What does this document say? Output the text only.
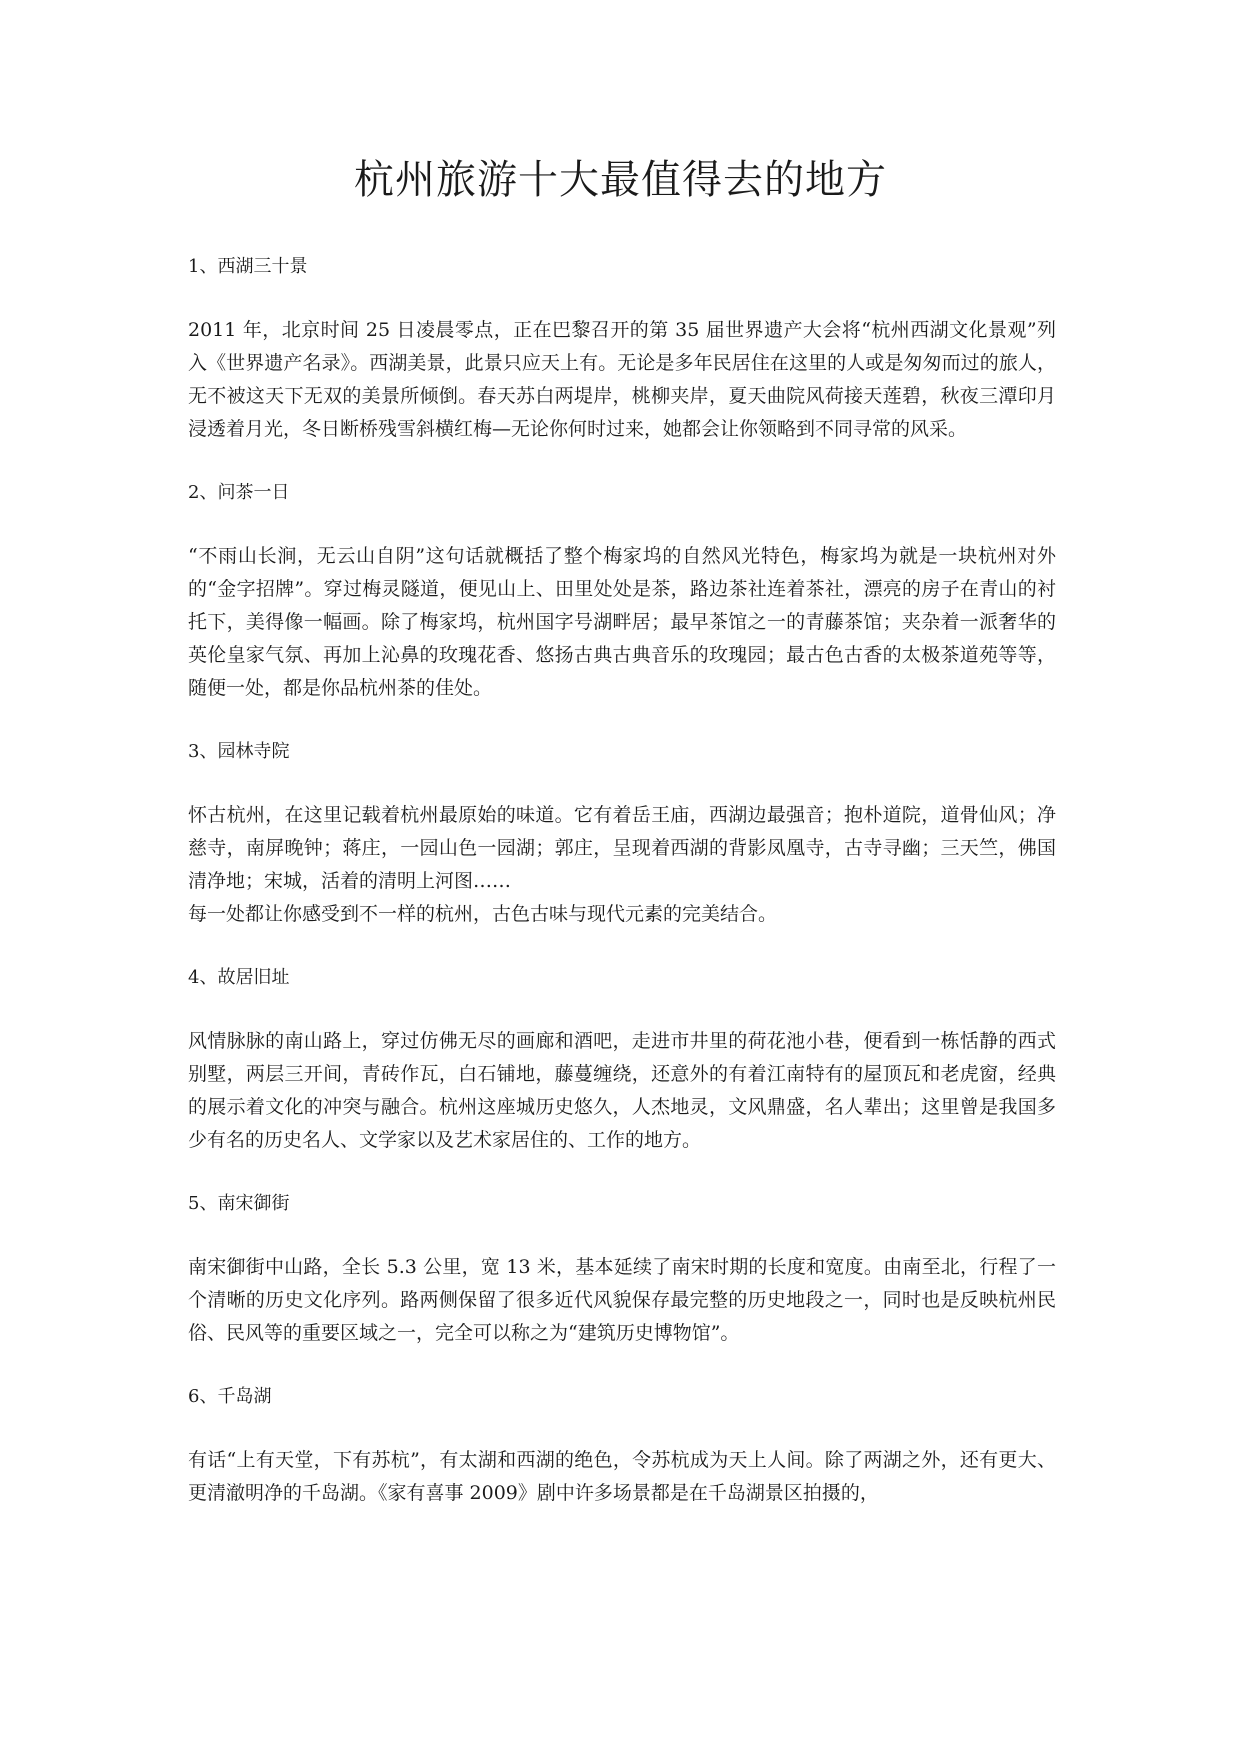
杭州旅游十大最值得去的地方

1、西湖三十景

2011 年，北京时间 25 日凌晨零点，正在巴黎召开的第 35 届世界遗产大会将“杭州西湖文化景观”列入《世界遗产名录》。西湖美景，此景只应天上有。无论是多年民居住在这里的人或是匆匆而过的旅人，无不被这天下无双的美景所倾倒。春天苏白两堤岸，桃柳夹岸，夏天曲院风荷接天莲碧，秋夜三潭印月浸透着月光，冬日断桥残雪斜横红梅—无论你何时过来，她都会让你领略到不同寻常的风采。

2、问茶一日

“不雨山长涧，无云山自阴”这句话就概括了整个梅家坞的自然风光特色，梅家坞为就是一块杭州对外的“金字招牌”。穿过梅灵隧道，便见山上、田里处处是茶，路边茶社连着茶社，漂亮的房子在青山的衬托下，美得像一幅画。除了梅家坞，杭州国字号湖畔居；最早茶馆之一的青藤茶馆；夹杂着一派奢华的英伦皇家气氛、再加上沁鼻的玫瑰花香、悠扬古典古典音乐的玫瑰园；最古色古香的太极茶道苑等等，随便一处，都是你品杭州茶的佳处。

3、园林寺院

怀古杭州，在这里记载着杭州最原始的味道。它有着岳王庙，西湖边最强音；抱朴道院，道骨仙风；净慈寺，南屏晚钟；蒋庄，一园山色一园湖；郭庄，呈现着西湖的背影凤凰寺，古寺寻幽；三天竺，佛国清净地；宋城，活着的清明上河图……

每一处都让你感受到不一样的杭州，古色古味与现代元素的完美结合。

4、故居旧址

风情脉脉的南山路上，穿过仿佛无尽的画廊和酒吧，走进市井里的荷花池小巷，便看到一栋恬静的西式别墅，两层三开间，青砖作瓦，白石铺地，藤蔓缠绕，还意外的有着江南特有的屋顶瓦和老虎窗，经典的展示着文化的冲突与融合。杭州这座城历史悠久，人杰地灵，文风鼎盛，名人辈出；这里曾是我国多少有名的历史名人、文学家以及艺术家居住的、工作的地方。

5、南宋御街

南宋御街中山路，全长 5.3 公里，宽 13 米，基本延续了南宋时期的长度和宽度。由南至北，行程了一个清晰的历史文化序列。路两侧保留了很多近代风貌保存最完整的历史地段之一，同时也是反映杭州民俗、民风等的重要区域之一，完全可以称之为“建筑历史博物馆”。

6、千岛湖

有话“上有天堂，下有苏杭”，有太湖和西湖的绝色，令苏杭成为天上人间。除了两湖之外，还有更大、更清澈明净的千岛湖。《家有喜事 2009》剧中许多场景都是在千岛湖景区拍摄的，
